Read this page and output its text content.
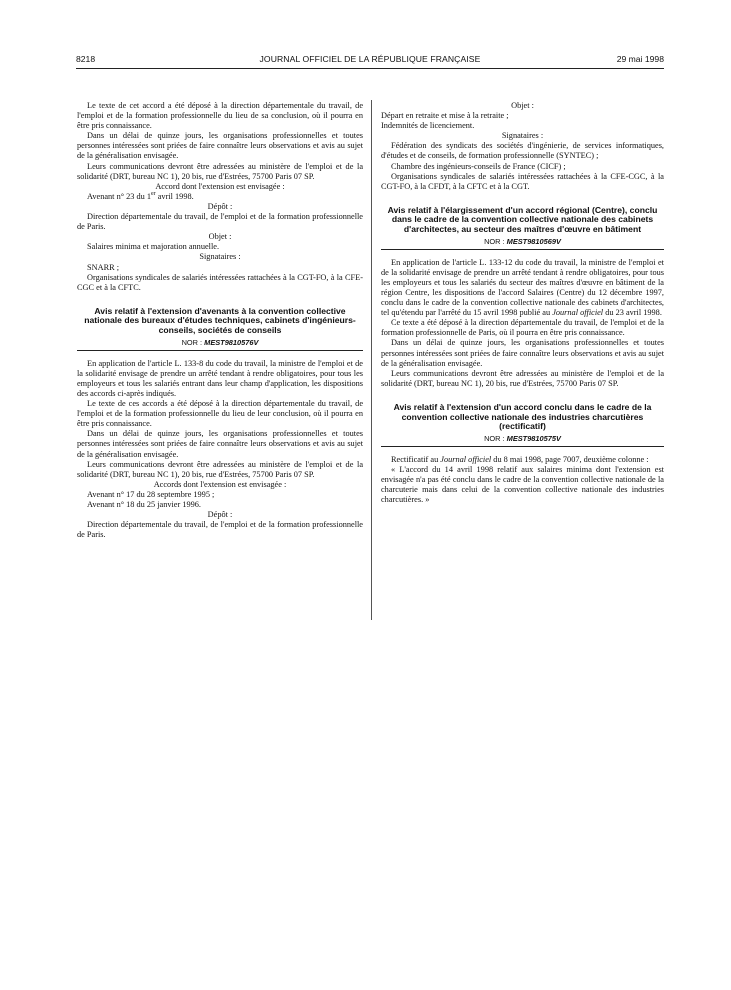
8218	JOURNAL OFFICIEL DE LA RÉPUBLIQUE FRANÇAISE	29 mai 1998

Le texte de cet accord a été déposé à la direction départementale du travail, de l'emploi et de la formation professionnelle du lieu de sa conclusion, où il pourra en être pris connaissance.

Dans un délai de quinze jours, les organisations professionnelles et toutes personnes intéressées sont priées de faire connaître leurs observations et avis au sujet de la généralisation envisagée.

Leurs communications devront être adressées au ministère de l'emploi et de la solidarité (DRT, bureau NC 1), 20 bis, rue d'Estrées, 75700 Paris 07 SP.

Accord dont l'extension est envisagée :

Avenant n° 23 du 1er avril 1998.

Dépôt :

Direction départementale du travail, de l'emploi et de la formation professionnelle de Paris.

Objet :

Salaires minima et majoration annuelle.

Signataires :

SNARR ;

Organisations syndicales de salariés intéressées rattachées à la CGT-FO, à la CFE-CGC et à la CFTC.

Avis relatif à l'extension d'avenants à la convention collective nationale des bureaux d'études techniques, cabinets d'ingénieurs-conseils, sociétés de conseils
NOR : MEST9810576V

En application de l'article L. 133-8 du code du travail, la ministre de l'emploi et de la solidarité envisage de prendre un arrêté tendant à rendre obligatoires, pour tous les employeurs et tous les salariés entrant dans leur champ d'application, les dispositions des accords ci-après indiqués.

Le texte de ces accords a été déposé à la direction départementale du travail, de l'emploi et de la formation professionnelle du lieu de leur conclusion, où il pourra en être pris connaissance.

Dans un délai de quinze jours, les organisations professionnelles et toutes personnes intéressées sont priées de faire connaître leurs observations et avis au sujet de la généralisation envisagée.

Leurs communications devront être adressées au ministère de l'emploi et de la solidarité (DRT, bureau NC 1), 20 bis, rue d'Estrées, 75700 Paris 07 SP.

Accords dont l'extension est envisagée :

Avenant n° 17 du 28 septembre 1995 ;

Avenant n° 18 du 25 janvier 1996.

Dépôt :

Direction départementale du travail, de l'emploi et de la formation professionnelle de Paris.

Objet :

Départ en retraite et mise à la retraite ;

Indemnités de licenciement.

Signataires :

Fédération des syndicats des sociétés d'ingénierie, de services informatiques, d'études et de conseils, de formation professionnelle (SYNTEC) ;

Chambre des ingénieurs-conseils de France (CICF) ;

Organisations syndicales de salariés intéressées rattachées à la CFE-CGC, à la CGT-FO, à la CFDT, à la CFTC et à la CGT.

Avis relatif à l'élargissement d'un accord régional (Centre), conclu dans le cadre de la convention collective nationale des cabinets d'architectes, au secteur des maîtres d'œuvre en bâtiment
NOR : MEST9810569V

En application de l'article L. 133-12 du code du travail, la ministre de l'emploi et de la solidarité envisage de prendre un arrêté tendant à rendre obligatoires, pour tous les employeurs et tous les salariés du secteur des maîtres d'œuvre en bâtiment de la région Centre, les dispositions de l'accord Salaires (Centre) du 12 décembre 1997, conclu dans le cadre de la convention collective nationale des cabinets d'architectes, tel qu'étendu par l'arrêté du 15 avril 1998 publié au Journal officiel du 23 avril 1998.

Ce texte a été déposé à la direction départementale du travail, de l'emploi et de la formation professionnelle de Paris, où il pourra en être pris connaissance.

Dans un délai de quinze jours, les organisations professionnelles et toutes personnes intéressées sont priées de faire connaître leurs observations et avis au sujet de la généralisation envisagée.

Leurs communications devront être adressées au ministère de l'emploi et de la solidarité (DRT, bureau NC 1), 20 bis, rue d'Estrées, 75700 Paris 07 SP.

Avis relatif à l'extension d'un accord conclu dans le cadre de la convention collective nationale des industries charcutières (rectificatif)
NOR : MEST9810575V

Rectificatif au Journal officiel du 8 mai 1998, page 7007, deuxième colonne :

« L'accord du 14 avril 1998 relatif aux salaires minima dont l'extension est envisagée n'a pas été conclu dans le cadre de la convention collective nationale de la charcuterie mais dans celui de la convention collective nationale des industries charcutières. »
